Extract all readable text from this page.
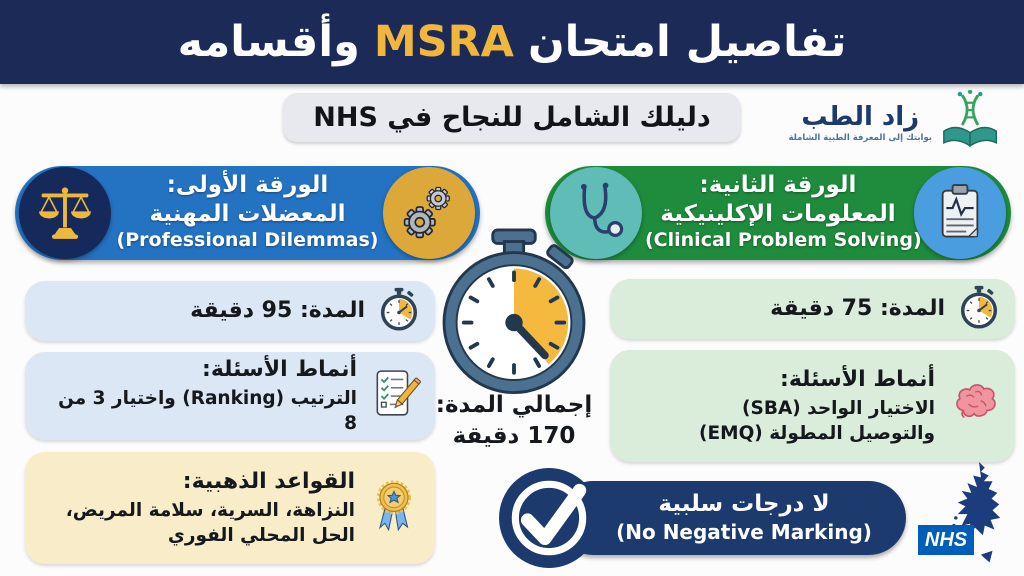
تفاصيل امتحان
MSRA
وأقسامه
دليلك الشامل للنجاح في NHS	زاد الطب
بوابتك إلى المعرفة الطبية الشاملة
الورقة الأولى:
المعضلات المهنية
(Professional Dilemmas)
الورقة الثانية:
المعلومات الإكلينيكية
(Clinical Problem Solving)
المدة: 95 دقيقة
أنماط الأسئلة:
الترتيب (Ranking) واختيار 3 من 8
القواعد الذهبية:
النزاهة، السرية، سلامة المريض،
الحل المحلي الفوري
المدة: 75 دقيقة
أنماط الأسئلة:
الاختيار الواحد (SBA)
والتوصيل المطولة (EMQ)
إجمالي المدة:
170 دقيقة
لا درجات سلبية
(No Negative Marking)	NHS
